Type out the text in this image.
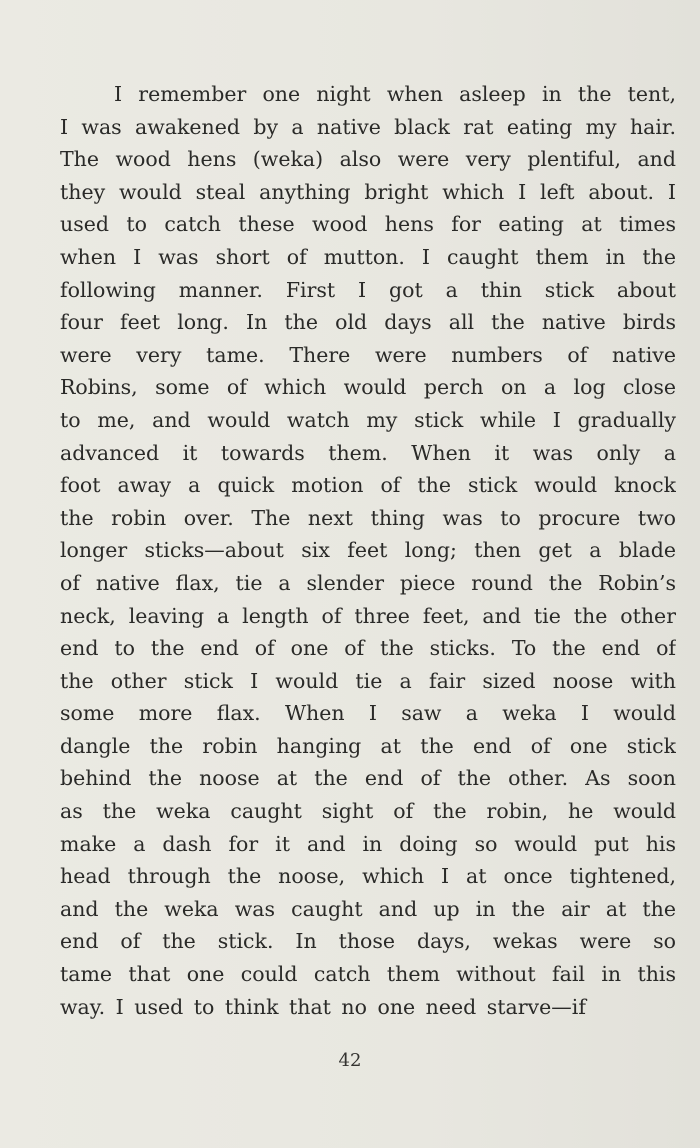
I remember one night when asleep in the tent,
I was awakened by a native black rat eating my hair.
The wood hens (weka) also were very plentiful, and
they would steal anything bright which I left about. I
used to catch these wood hens for eating at times
when I was short of mutton. I caught them in the
following manner. First I got a thin stick about
four feet long. In the old days all the native birds
were very tame. There were numbers of native
Robins, some of which would perch on a log close
to me, and would watch my stick while I gradually
advanced it towards them. When it was only a
foot away a quick motion of the stick would knock
the robin over. The next thing was to procure two
longer sticks—about six feet long; then get a blade
of native flax, tie a slender piece round the Robin’s
neck, leaving a length of three feet, and tie the other
end to the end of one of the sticks. To the end of
the other stick I would tie a fair sized noose with
some more flax. When I saw a weka I would
dangle the robin hanging at the end of one stick
behind the noose at the end of the other. As soon
as the weka caught sight of the robin, he would
make a dash for it and in doing so would put his
head through the noose, which I at once tightened,
and the weka was caught and up in the air at the
end of the stick. In those days, wekas were so
tame that one could catch them without fail in this
way. I used to think that no one need starve—if
42
